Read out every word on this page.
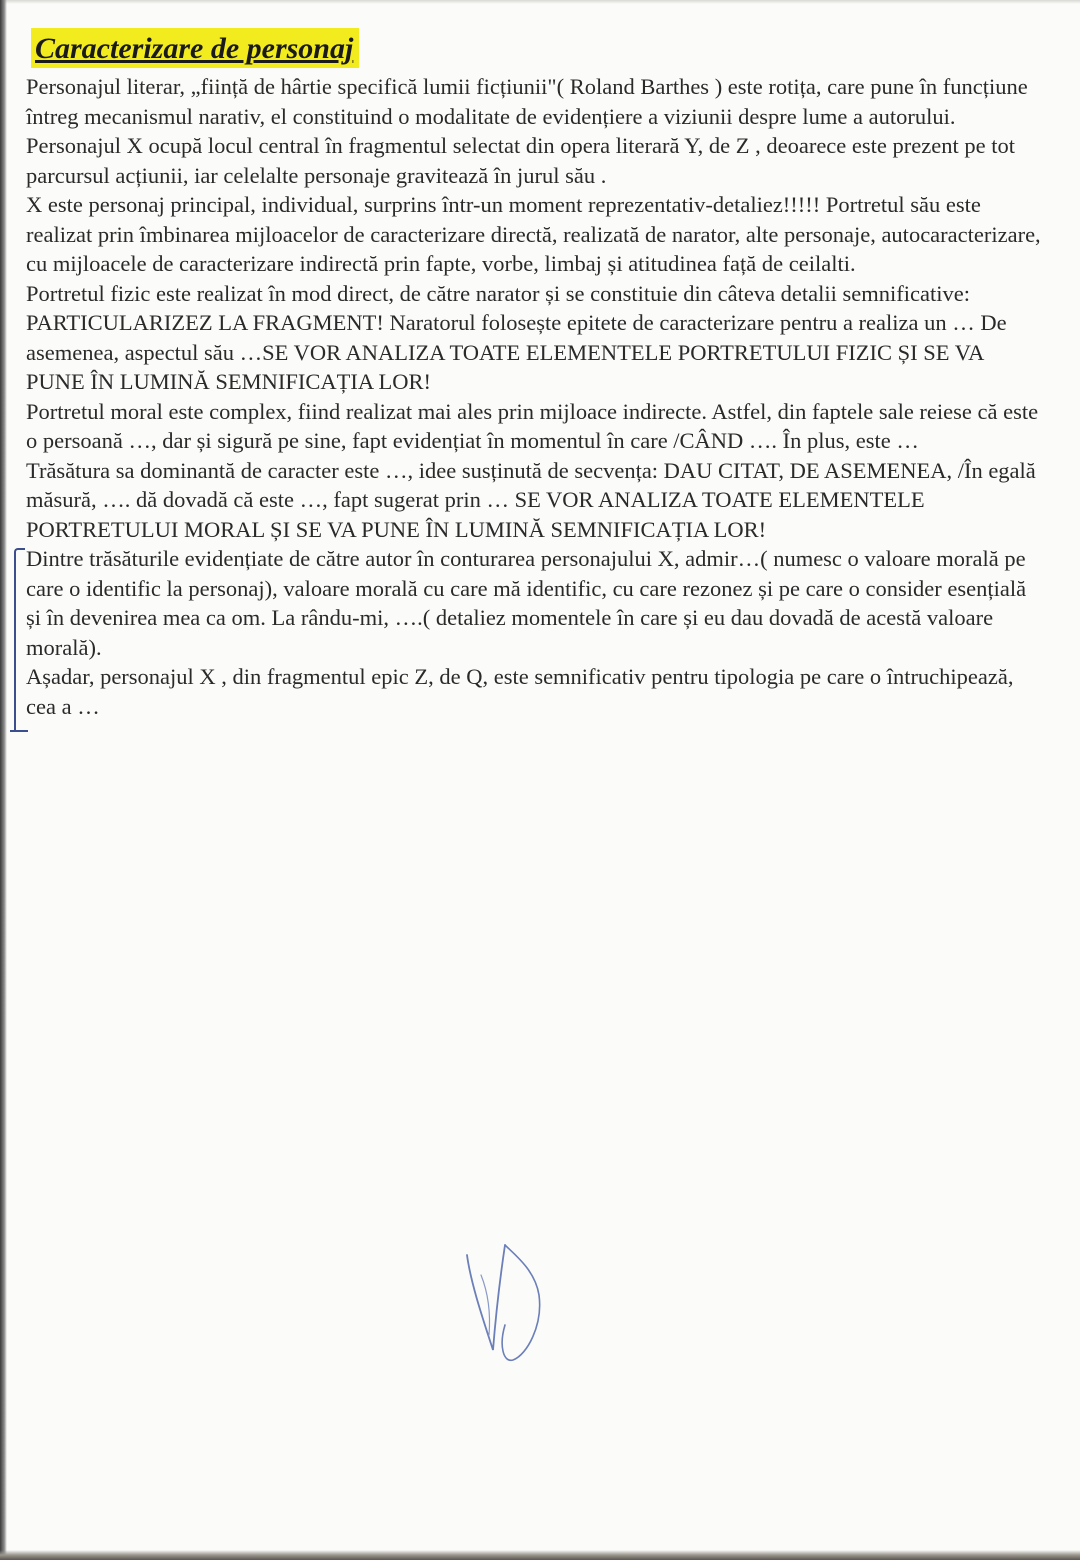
Caracterizare de personaj

Personajul literar, „ființă de hârtie specifică lumii ficțiunii"( Roland Barthes ) este rotița, care pune în funcțiune întreg mecanismul narativ, el constituind o modalitate de evidențiere a viziunii despre lume a autorului.

Personajul X ocupă locul central în fragmentul selectat din opera literară Y, de Z , deoarece este prezent pe tot parcursul acțiunii, iar celelalte personaje gravitează în jurul său .

X este personaj principal, individual, surprins într-un moment reprezentativ-detaliez!!!!! Portretul său este realizat prin îmbinarea mijloacelor de caracterizare directă, realizată de narator, alte personaje, autocaracterizare, cu mijloacele de caracterizare indirectă prin fapte, vorbe, limbaj și atitudinea față de ceilalti.

Portretul fizic este realizat în mod direct, de către narator și se constituie din câteva detalii semnificative: PARTICULARIZEZ LA FRAGMENT! Naratorul folosește epitete de caracterizare pentru a realiza un … De asemenea, aspectul său …SE VOR ANALIZA TOATE ELEMENTELE PORTRETULUI FIZIC ȘI SE VA PUNE ÎN LUMINĂ SEMNIFICAȚIA LOR!

Portretul moral este complex, fiind realizat mai ales prin mijloace indirecte. Astfel, din faptele sale reiese că este o persoană …, dar și sigură pe sine, fapt evidențiat în momentul în care /CÂND …. În plus, este …

Trăsătura sa dominantă de caracter este …, idee susținută de secvența: DAU CITAT, DE ASEMENEA, /În egală măsură, …. dă dovadă că este …, fapt sugerat prin … SE VOR ANALIZA TOATE ELEMENTELE PORTRETULUI MORAL ȘI SE VA PUNE ÎN LUMINĂ SEMNIFICAȚIA LOR!

Dintre trăsăturile evidențiate de către autor în conturarea personajului X, admir…( numesc o valoare morală pe care o identific la personaj), valoare morală cu care mă identific, cu care rezonez și pe care o consider esențială și în devenirea mea ca om. La rându-mi, ….( detaliez momentele în care și eu dau dovadă de acestă valoare morală).

Așadar, personajul X , din fragmentul epic Z, de Q, este semnificativ pentru tipologia pe care o întruchipează, cea a …
